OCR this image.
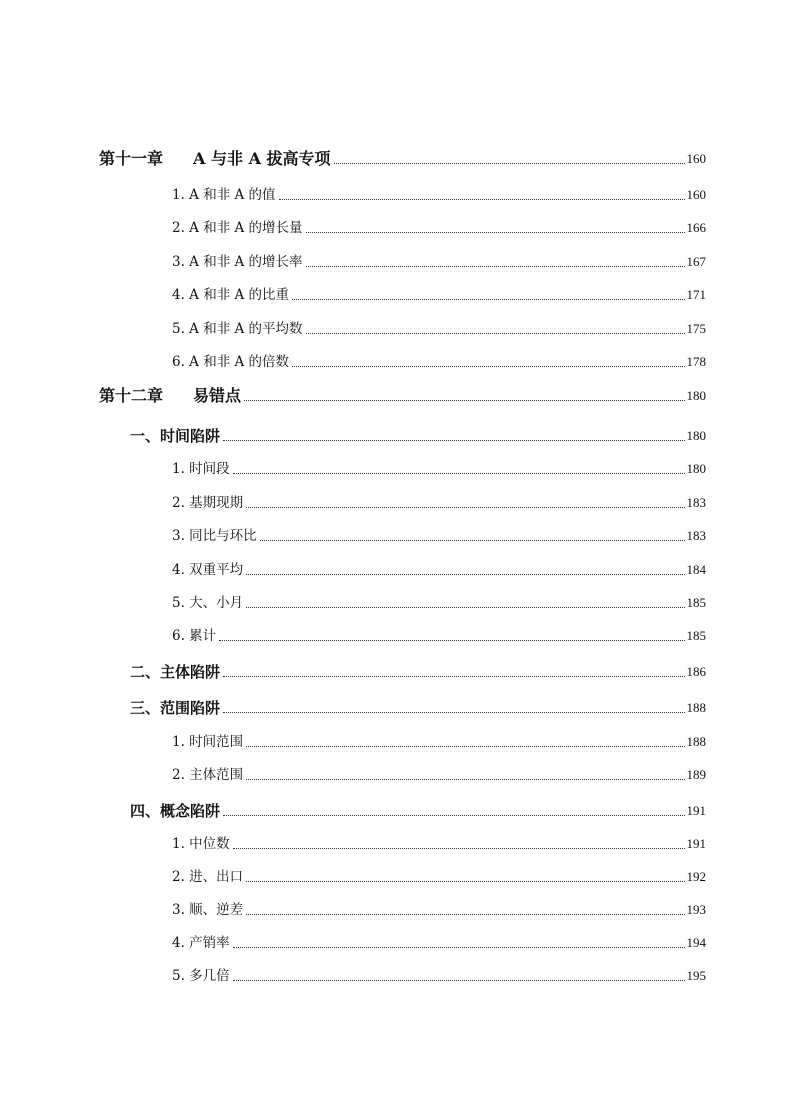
第十一章 A 与非 A 拔高专项	160
1. A 和非 A 的值	160
2. A 和非 A 的增长量	166
3. A 和非 A 的增长率	167
4. A 和非 A 的比重	171
5. A 和非 A 的平均数	175
6. A 和非 A 的倍数	178
第十二章 易错点	180
一、时间陷阱	180
1. 时间段	180
2. 基期现期	183
3. 同比与环比	183
4. 双重平均	184
5. 大、小月	185
6. 累计	185
二、主体陷阱	186
三、范围陷阱	188
1. 时间范围	188
2. 主体范围	189
四、概念陷阱	191
1. 中位数	191
2. 进、出口	192
3. 顺、逆差	193
4. 产销率	194
5. 多几倍	195
